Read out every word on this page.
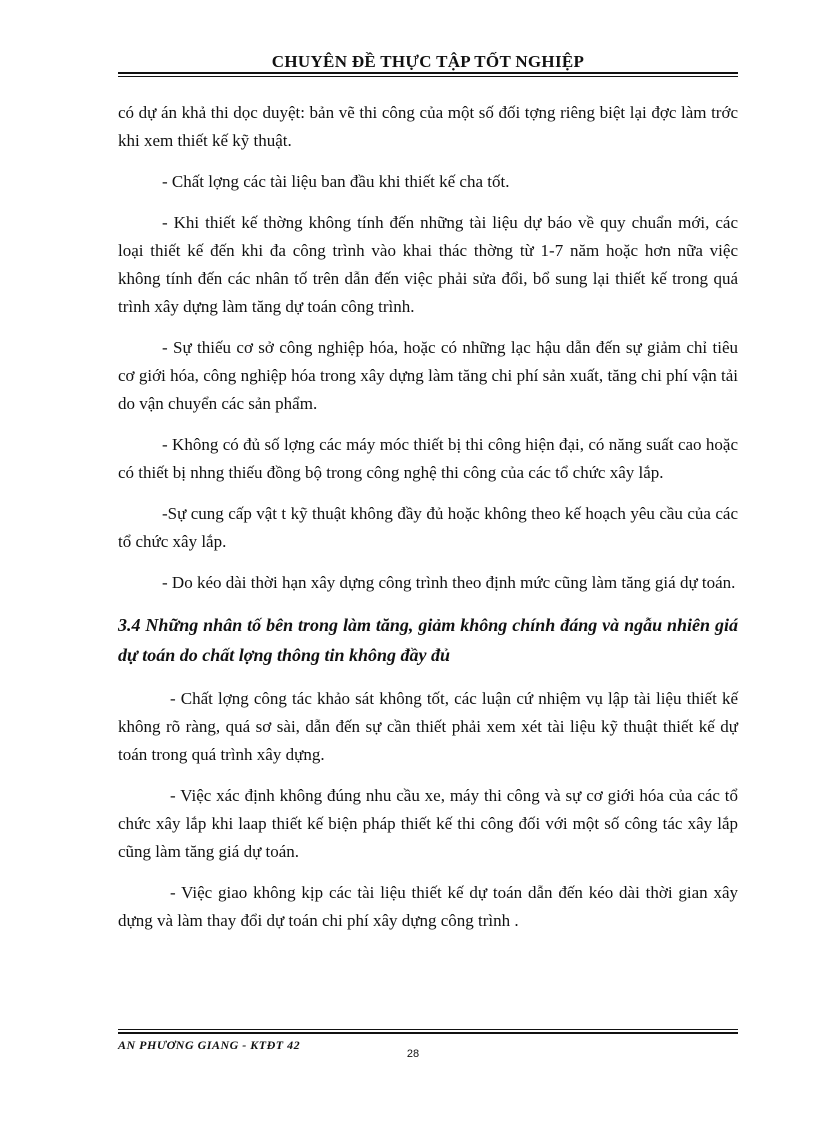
CHUYÊN ĐỀ THỰC TẬP TỐT NGHIỆP

có dự án khả thi dọc duyệt: bản vẽ thi công của một số đối tợng riêng biệt lại đợc làm trớc khi xem thiết kế kỹ thuật.

- Chất lợng các tài liệu ban đầu khi thiết kế cha tốt.

- Khi thiết kế thờng không tính đến những tài liệu dự báo về quy chuẩn mới, các loại thiết kế đến khi đa công trình vào khai thác thờng từ 1-7 năm hoặc hơn nữa việc không tính đến các nhân tố trên dẫn đến việc phải sửa đổi, bổ sung lại thiết kế trong quá trình xây dựng làm tăng dự toán công trình.

- Sự thiếu cơ sở công nghiệp hóa, hoặc có những lạc hậu dẫn đến sự giảm chỉ tiêu cơ giới hóa, công nghiệp hóa trong xây dựng làm tăng chi phí sản xuất, tăng chi phí vận tải do vận chuyển các sản phẩm.

- Không có đủ số lợng các máy móc thiết bị thi công hiện đại, có năng suất cao hoặc có thiết bị nhng thiếu đồng bộ trong công nghệ thi công của các tổ chức xây lắp.

-Sự cung cấp vật t kỹ thuật không đầy đủ hoặc không theo kế hoạch yêu cầu của các tổ chức xây lắp.

- Do kéo dài thời hạn xây dựng công trình theo định mức cũng làm tăng giá dự toán.

3.4 Những nhân tố bên trong làm tăng, giảm không chính đáng và ngẫu nhiên giá dự toán do chất lợng thông tin không đầy đủ

- Chất lợng công tác khảo sát không tốt, các luận cứ nhiệm vụ lập tài liệu thiết kế không rõ ràng, quá sơ sài, dẫn đến sự cần thiết phải xem xét tài liệu kỹ thuật thiết kế dự toán trong quá trình xây dựng.

- Việc xác định không đúng nhu cầu xe, máy thi công và sự cơ giới hóa của các tổ chức xây lắp khi laap thiết kế biện pháp thiết kế thi công đối với một số công tác xây lắp cũng làm tăng giá dự toán.

- Việc giao không kịp các tài liệu thiết kế dự toán dẫn đến kéo dài thời gian xây dựng và làm thay đổi dự toán chi phí xây dựng công trình .

AN PHƯƠNG GIANG - KTĐT 42
28
